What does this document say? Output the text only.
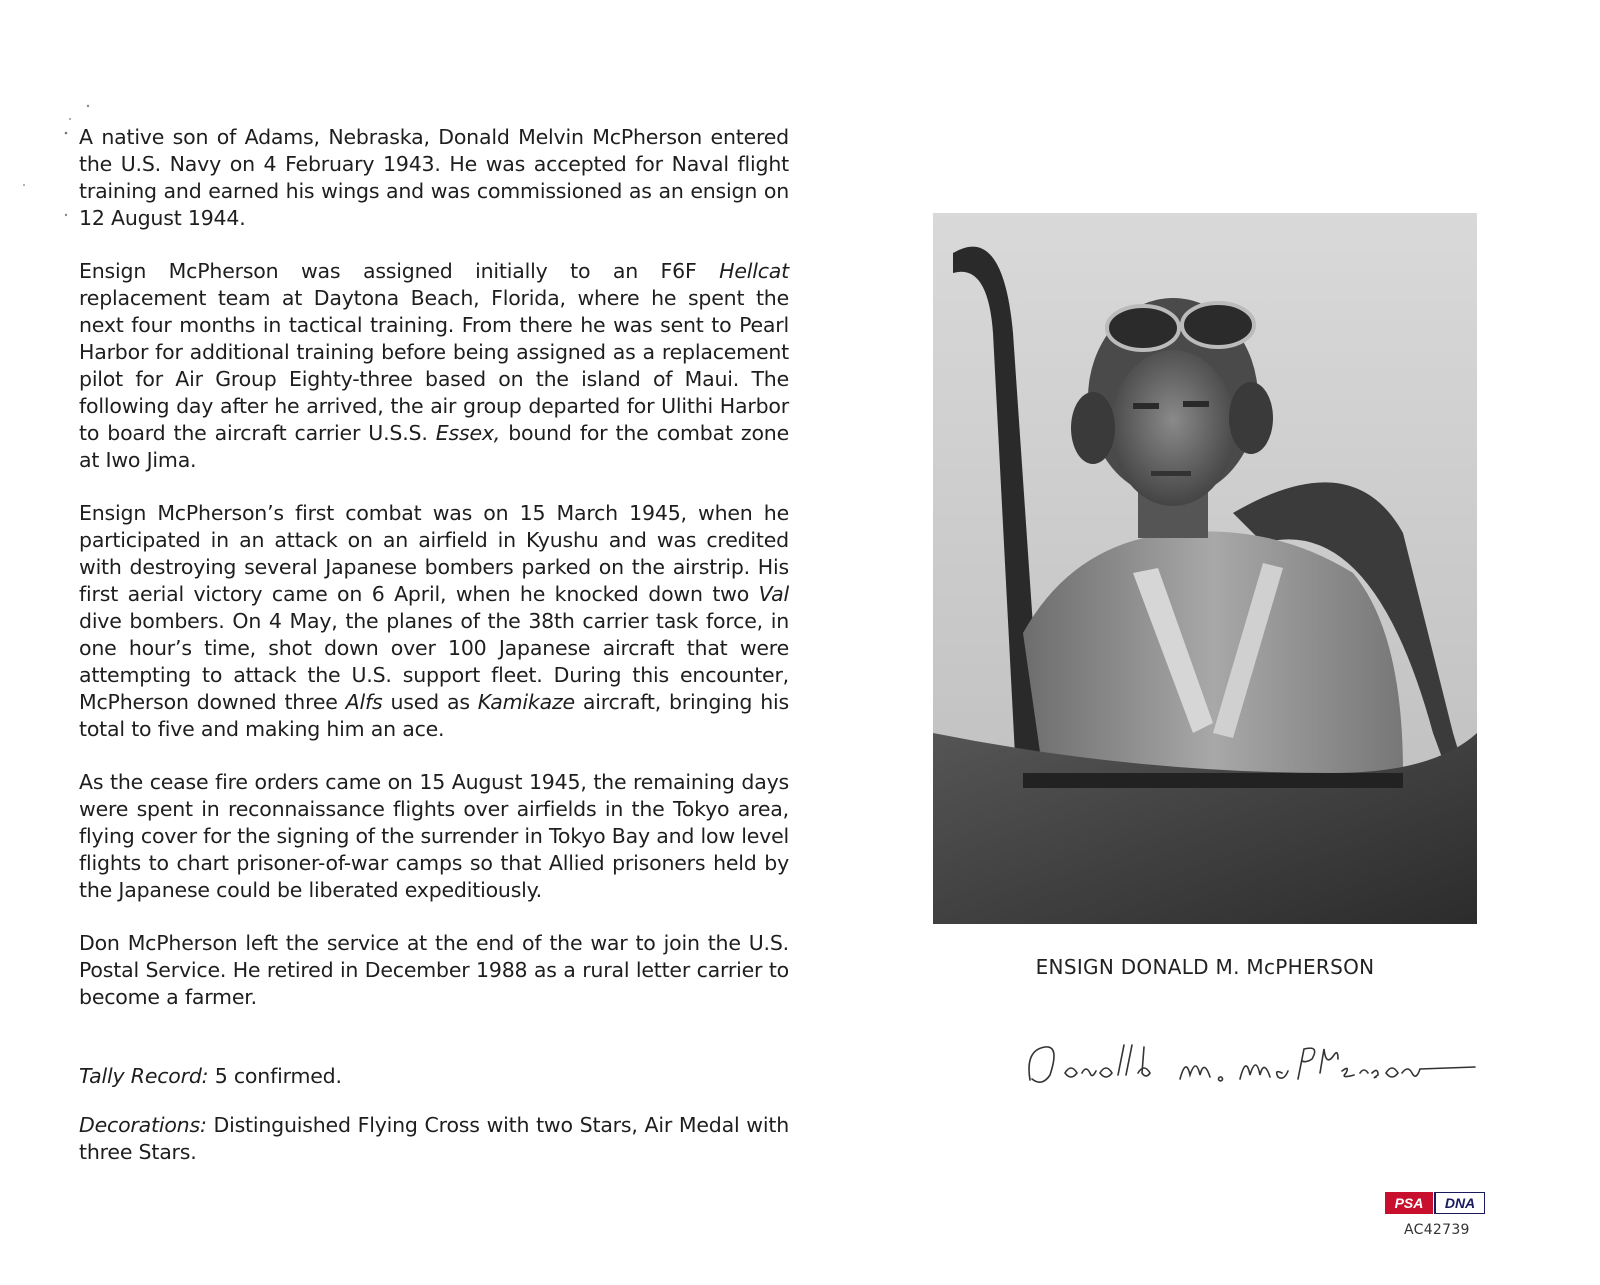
A native son of Adams, Nebraska, Donald Melvin McPherson entered the U.S. Navy on 4 February 1943. He was accepted for Naval flight training and earned his wings and was commissioned as an ensign on 12 August 1944.

Ensign McPherson was assigned initially to an F6F Hellcat replacement team at Daytona Beach, Florida, where he spent the next four months in tactical training. From there he was sent to Pearl Harbor for additional training before being assigned as a replacement pilot for Air Group Eighty-three based on the island of Maui. The following day after he arrived, the air group departed for Ulithi Harbor to board the aircraft carrier U.S.S. Essex, bound for the combat zone at Iwo Jima.

Ensign McPherson’s first combat was on 15 March 1945, when he participated in an attack on an airfield in Kyushu and was credited with destroying several Japanese bombers parked on the airstrip. His first aerial victory came on 6 April, when he knocked down two Val dive bombers. On 4 May, the planes of the 38th carrier task force, in one hour’s time, shot down over 100 Japanese aircraft that were attempting to attack the U.S. support fleet. During this encounter, McPherson downed three Alfs used as Kamikaze aircraft, bringing his total to five and making him an ace.

As the cease fire orders came on 15 August 1945, the remaining days were spent in reconnaissance flights over airfields in the Tokyo area, flying cover for the signing of the surrender in Tokyo Bay and low level flights to chart prisoner-of-war camps so that Allied prisoners held by the Japanese could be liberated expeditiously.

Don McPherson left the service at the end of the war to join the U.S. Postal Service. He retired in December 1988 as a rural letter carrier to become a farmer.

Tally Record: 5 confirmed.

Decorations: Distinguished Flying Cross with two Stars, Air Medal with three Stars.

ENSIGN DONALD M. McPHERSON
PSA DNA
AC42739
